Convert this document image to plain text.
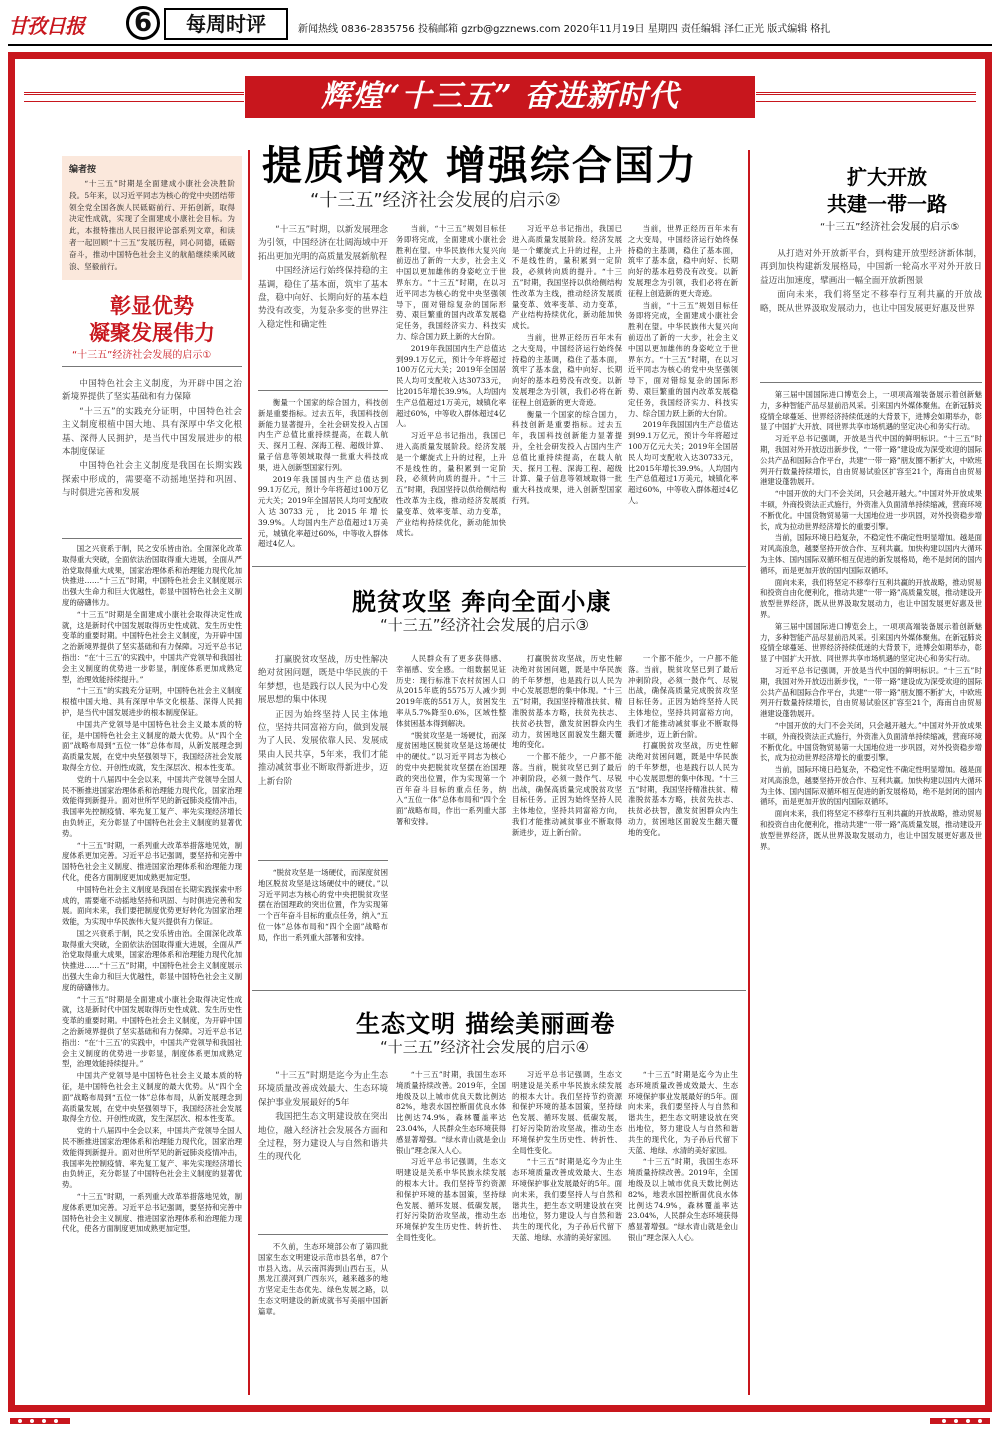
甘孜日报	6	每周时评	新闻热线 0836-2835756 投稿邮箱 gzrb@gzznews.com 2020年11月19日 星期四 责任编辑 泽仁正光 版式编辑 格扎
辉煌“十三五” 奋进新时代
编者按
“十三五”时期是全面建成小康社会决胜阶段。5年来，以习近平同志为核心的党中央团结带领全党全国各族人民砥砺前行、开拓创新，取得决定性成就，实现了全面建成小康社会目标。为此，本报特推出人民日报评论部系列文章，和读者一起回顾“十三五”发展历程，同心同德，砥砺奋斗，推动中国特色社会主义的航船继续乘风破浪、坚毅前行。
彰显优势
凝聚发展伟力
“十三五”经济社会发展的启示①

中国特色社会主义制度，为开辟中国之治新境界提供了坚实基础和有力保障

“十三五”的实践充分证明，中国特色社会主义制度根植中国大地、具有深厚中华文化根基、深得人民拥护，是当代中国发展进步的根本制度保证

中国特色社会主义制度是我国在长期实践探索中形成的，需要毫不动摇地坚持和巩固、与时俱进完善和发展

国之兴衰系于制，民之安乐皆由治。全面深化改革取得重大突破，全面依法治国取得重大进展，全面从严治党取得重大成果，国家治理体系和治理能力现代化加快推进……“十三五”时期，中国特色社会主义制度展示出强大生命力和巨大优越性，彰显中国特色社会主义制度的磅礴伟力。

“十三五”时期是全面建成小康社会取得决定性成就，这是新时代中国发展取得历史性成就、发生历史性变革的重要时期。中国特色社会主义制度，为开辟中国之治新境界提供了坚实基础和有力保障。习近平总书记指出：“在‘十三五’的实践中，中国共产党领导和我国社会主义制度的优势进一步彰显，制度体系更加成熟定型，治理效能持续提升。”

“十三五”的实践充分证明，中国特色社会主义制度根植中国大地、具有深厚中华文化根基、深得人民拥护，是当代中国发展进步的根本制度保证。

中国共产党领导是中国特色社会主义最本质的特征，是中国特色社会主义制度的最大优势。从“四个全面”战略布局到“五位一体”总体布局，从新发展理念到高质量发展，在党中央坚强领导下，我国经济社会发展取得全方位、开创性成就，发生深层次、根本性变革。

党的十八届四中全会以来，中国共产党领导全国人民不断推进国家治理体系和治理能力现代化，国家治理效能得到新提升。面对世所罕见的新冠肺炎疫情冲击，我国率先控制疫情、率先复工复产、率先实现经济增长由负转正，充分彰显了中国特色社会主义制度的显著优势。

“十三五”时期，一系列重大改革举措落地见效，制度体系更加完善。习近平总书记强调，要坚持和完善中国特色社会主义制度、推进国家治理体系和治理能力现代化，使各方面制度更加成熟更加定型。

中国特色社会主义制度是我国在长期实践探索中形成的，需要毫不动摇地坚持和巩固、与时俱进完善和发展。面向未来，我们要把制度优势更好转化为国家治理效能，为实现中华民族伟大复兴提供有力保证。

国之兴衰系于制，民之安乐皆由治。全面深化改革取得重大突破，全面依法治国取得重大进展，全面从严治党取得重大成果，国家治理体系和治理能力现代化加快推进……“十三五”时期，中国特色社会主义制度展示出强大生命力和巨大优越性，彰显中国特色社会主义制度的磅礴伟力。

“十三五”时期是全面建成小康社会取得决定性成就，这是新时代中国发展取得历史性成就、发生历史性变革的重要时期。中国特色社会主义制度，为开辟中国之治新境界提供了坚实基础和有力保障。习近平总书记指出：“在‘十三五’的实践中，中国共产党领导和我国社会主义制度的优势进一步彰显，制度体系更加成熟定型，治理效能持续提升。”

中国共产党领导是中国特色社会主义最本质的特征，是中国特色社会主义制度的最大优势。从“四个全面”战略布局到“五位一体”总体布局，从新发展理念到高质量发展，在党中央坚强领导下，我国经济社会发展取得全方位、开创性成就，发生深层次、根本性变革。

党的十八届四中全会以来，中国共产党领导全国人民不断推进国家治理体系和治理能力现代化，国家治理效能得到新提升。面对世所罕见的新冠肺炎疫情冲击，我国率先控制疫情、率先复工复产、率先实现经济增长由负转正，充分彰显了中国特色社会主义制度的显著优势。

“十三五”时期，一系列重大改革举措落地见效，制度体系更加完善。习近平总书记强调，要坚持和完善中国特色社会主义制度、推进国家治理体系和治理能力现代化，使各方面制度更加成熟更加定型。

提质增效 增强综合国力
“十三五”经济社会发展的启示②

“十三五”时期，以新发展理念为引领，中国经济在壮阔海域中开拓出更加光明的高质量发展新航程

中国经济运行始终保持稳的主基调，稳住了基本面，筑牢了基本盘，稳中向好、长期向好的基本趋势没有改变，为复杂多变的世界注入稳定性和确定性

衡量一个国家的综合国力，科技创新是重要指标。过去五年，我国科技创新能力显著提升，全社会研发投入占国内生产总值比重持续提高，在载人航天、探月工程、深海工程、超级计算、量子信息等领域取得一批重大科技成果，进入创新型国家行列。

2019年我国国内生产总值达到99.1万亿元，预计今年将超过100万亿元大关；2019年全国居民人均可支配收入达30733元，比2015年增长39.9%。人均国内生产总值超过1万美元，城镇化率超过60%，中等收入群体超过4亿人。

当前，“十三五”规划目标任务即将完成，全面建成小康社会胜利在望。中华民族伟大复兴向前迈出了新的一大步，社会主义中国以更加雄伟的身姿屹立于世界东方。“十三五”时期，在以习近平同志为核心的党中央坚强领导下，面对错综复杂的国际形势、艰巨繁重的国内改革发展稳定任务，我国经济实力、科技实力、综合国力跃上新的大台阶。

2019年我国国内生产总值达到99.1万亿元，预计今年将超过100万亿元大关；2019年全国居民人均可支配收入达30733元，比2015年增长39.9%。人均国内生产总值超过1万美元，城镇化率超过60%，中等收入群体超过4亿人。

习近平总书记指出，我国已进入高质量发展阶段。经济发展是一个螺旋式上升的过程，上升不是线性的，量积累到一定阶段，必须转向质的提升。“十三五”时期，我国坚持以供给侧结构性改革为主线，推动经济发展质量变革、效率变革、动力变革，产业结构持续优化，新动能加快成长。

习近平总书记指出，我国已进入高质量发展阶段。经济发展是一个螺旋式上升的过程，上升不是线性的，量积累到一定阶段，必须转向质的提升。“十三五”时期，我国坚持以供给侧结构性改革为主线，推动经济发展质量变革、效率变革、动力变革，产业结构持续优化，新动能加快成长。

当前，世界正经历百年未有之大变局，中国经济运行始终保持稳的主基调，稳住了基本面，筑牢了基本盘，稳中向好、长期向好的基本趋势没有改变。以新发展理念为引领，我们必将在新征程上创造新的更大奇迹。

衡量一个国家的综合国力，科技创新是重要指标。过去五年，我国科技创新能力显著提升，全社会研发投入占国内生产总值比重持续提高，在载人航天、探月工程、深海工程、超级计算、量子信息等领域取得一批重大科技成果，进入创新型国家行列。

当前，世界正经历百年未有之大变局，中国经济运行始终保持稳的主基调，稳住了基本面，筑牢了基本盘，稳中向好、长期向好的基本趋势没有改变。以新发展理念为引领，我们必将在新征程上创造新的更大奇迹。

当前，“十三五”规划目标任务即将完成，全面建成小康社会胜利在望。中华民族伟大复兴向前迈出了新的一大步，社会主义中国以更加雄伟的身姿屹立于世界东方。“十三五”时期，在以习近平同志为核心的党中央坚强领导下，面对错综复杂的国际形势、艰巨繁重的国内改革发展稳定任务，我国经济实力、科技实力、综合国力跃上新的大台阶。

2019年我国国内生产总值达到99.1万亿元，预计今年将超过100万亿元大关；2019年全国居民人均可支配收入达30733元，比2015年增长39.9%。人均国内生产总值超过1万美元，城镇化率超过60%，中等收入群体超过4亿人。

扩大开放
共建一带一路
“十三五”经济社会发展的启示⑤

从打造对外开放新平台，到构建开放型经济新体制，再到加快构建新发展格局，中国新一轮高水平对外开放日益迈出加速度，擘画出一幅全面开放新图景

面向未来，我们将坚定不移奉行互利共赢的开放战略，既从世界汲取发展动力，也让中国发展更好惠及世界

第三届中国国际进口博览会上，一项项高端装备展示着创新魅力，多种智能产品尽显前沿风采。引来国内外媒体聚焦。在新冠肺炎疫情全球蔓延、世界经济持续低迷的大背景下，进博会如期举办，彰显了中国扩大开放、同世界共享市场机遇的坚定决心和务实行动。

习近平总书记强调，开放是当代中国的鲜明标识。“十三五”时期，我国对外开放迈出新步伐，“一带一路”建设成为深受欢迎的国际公共产品和国际合作平台，共建“一带一路”朋友圈不断扩大，中欧班列开行数量持续增长，自由贸易试验区扩容至21个，海南自由贸易港建设蓬勃展开。

“中国开放的大门不会关闭，只会越开越大。”中国对外开放成果丰硕，外商投资法正式施行，外资准入负面清单持续缩减，营商环境不断优化。中国货物贸易第一大国地位进一步巩固，对外投资稳步增长，成为拉动世界经济增长的重要引擎。

当前，国际环境日趋复杂，不稳定性不确定性明显增加。越是面对风高浪急，越要坚持开放合作、互利共赢。加快构建以国内大循环为主体、国内国际双循环相互促进的新发展格局，绝不是封闭的国内循环，而是更加开放的国内国际双循环。

面向未来，我们将坚定不移奉行互利共赢的开放战略，推动贸易和投资自由化便利化，推动共建“一带一路”高质量发展，推动建设开放型世界经济，既从世界汲取发展动力，也让中国发展更好惠及世界。

第三届中国国际进口博览会上，一项项高端装备展示着创新魅力，多种智能产品尽显前沿风采。引来国内外媒体聚焦。在新冠肺炎疫情全球蔓延、世界经济持续低迷的大背景下，进博会如期举办，彰显了中国扩大开放、同世界共享市场机遇的坚定决心和务实行动。

习近平总书记强调，开放是当代中国的鲜明标识。“十三五”时期，我国对外开放迈出新步伐，“一带一路”建设成为深受欢迎的国际公共产品和国际合作平台，共建“一带一路”朋友圈不断扩大，中欧班列开行数量持续增长，自由贸易试验区扩容至21个，海南自由贸易港建设蓬勃展开。

“中国开放的大门不会关闭，只会越开越大。”中国对外开放成果丰硕，外商投资法正式施行，外资准入负面清单持续缩减，营商环境不断优化。中国货物贸易第一大国地位进一步巩固，对外投资稳步增长，成为拉动世界经济增长的重要引擎。

当前，国际环境日趋复杂，不稳定性不确定性明显增加。越是面对风高浪急，越要坚持开放合作、互利共赢。加快构建以国内大循环为主体、国内国际双循环相互促进的新发展格局，绝不是封闭的国内循环，而是更加开放的国内国际双循环。

面向未来，我们将坚定不移奉行互利共赢的开放战略，推动贸易和投资自由化便利化，推动共建“一带一路”高质量发展，推动建设开放型世界经济，既从世界汲取发展动力，也让中国发展更好惠及世界。

脱贫攻坚 奔向全面小康
“十三五”经济社会发展的启示③

打赢脱贫攻坚战，历史性解决绝对贫困问题，既是中华民族的千年梦想，也是践行以人民为中心发展思想的集中体现

正因为始终坚持人民主体地位，坚持共同富裕方向，做到发展为了人民、发展依靠人民、发展成果由人民共享，5年来，我们才能推动减贫事业不断取得新进步，迈上新台阶

“脱贫攻坚是一场硬仗，而深度贫困地区脱贫攻坚是这场硬仗中的硬仗。”以习近平同志为核心的党中央把脱贫攻坚摆在治国理政的突出位置，作为实现第一个百年奋斗目标的重点任务，纳入“五位一体”总体布局和“四个全面”战略布局，作出一系列重大部署和安排。

人民群众有了更多获得感、幸福感、安全感。一组数据见证历史：现行标准下农村贫困人口从2015年底的5575万人减少到2019年底的551万人，贫困发生率从5.7%降至0.6%，区域性整体贫困基本得到解决。

“脱贫攻坚是一场硬仗，而深度贫困地区脱贫攻坚是这场硬仗中的硬仗。”以习近平同志为核心的党中央把脱贫攻坚摆在治国理政的突出位置，作为实现第一个百年奋斗目标的重点任务，纳入“五位一体”总体布局和“四个全面”战略布局，作出一系列重大部署和安排。

打赢脱贫攻坚战，历史性解决绝对贫困问题，既是中华民族的千年梦想，也是践行以人民为中心发展思想的集中体现。“十三五”时期，我国坚持精准扶贫、精准脱贫基本方略，扶贫先扶志、扶贫必扶智，激发贫困群众内生动力，贫困地区面貌发生翻天覆地的变化。

一个都不能少，一户都不能落。当前，脱贫攻坚已到了最后冲刺阶段，必须一鼓作气、尽锐出战，确保高质量完成脱贫攻坚目标任务。正因为始终坚持人民主体地位，坚持共同富裕方向，我们才能推动减贫事业不断取得新进步，迈上新台阶。

一个都不能少，一户都不能落。当前，脱贫攻坚已到了最后冲刺阶段，必须一鼓作气、尽锐出战，确保高质量完成脱贫攻坚目标任务。正因为始终坚持人民主体地位，坚持共同富裕方向，我们才能推动减贫事业不断取得新进步，迈上新台阶。

打赢脱贫攻坚战，历史性解决绝对贫困问题，既是中华民族的千年梦想，也是践行以人民为中心发展思想的集中体现。“十三五”时期，我国坚持精准扶贫、精准脱贫基本方略，扶贫先扶志、扶贫必扶智，激发贫困群众内生动力，贫困地区面貌发生翻天覆地的变化。

生态文明 描绘美丽画卷
“十三五”经济社会发展的启示④

“十三五”时期是迄今为止生态环境质量改善成效最大、生态环境保护事业发展最好的5年

我国把生态文明建设放在突出地位，融入经济社会发展各方面和全过程，努力建设人与自然和谐共生的现代化

不久前，生态环境部公布了第四批国家生态文明建设示范市县名单，87个市县入选。从云南洱海到山西右玉，从黑龙江漠河到广西东兴，越来越多的地方坚定走生态优先、绿色发展之路，以生态文明建设的新成就书写美丽中国新篇章。

“十三五”时期，我国生态环境质量持续改善。2019年，全国地级及以上城市优良天数比例达82%，地表水国控断面优良水体比例达74.9%，森林覆盖率达23.04%，人民群众生态环境获得感显著增强。“绿水青山就是金山银山”理念深入人心。

习近平总书记强调，生态文明建设是关系中华民族永续发展的根本大计。我们坚持节约资源和保护环境的基本国策，坚持绿色发展、循环发展、低碳发展，打好污染防治攻坚战，推动生态环境保护发生历史性、转折性、全局性变化。

习近平总书记强调，生态文明建设是关系中华民族永续发展的根本大计。我们坚持节约资源和保护环境的基本国策，坚持绿色发展、循环发展、低碳发展，打好污染防治攻坚战，推动生态环境保护发生历史性、转折性、全局性变化。

“十三五”时期是迄今为止生态环境质量改善成效最大、生态环境保护事业发展最好的5年。面向未来，我们要坚持人与自然和谐共生，把生态文明建设放在突出地位，努力建设人与自然和谐共生的现代化，为子孙后代留下天蓝、地绿、水清的美好家园。

“十三五”时期是迄今为止生态环境质量改善成效最大、生态环境保护事业发展最好的5年。面向未来，我们要坚持人与自然和谐共生，把生态文明建设放在突出地位，努力建设人与自然和谐共生的现代化，为子孙后代留下天蓝、地绿、水清的美好家园。

“十三五”时期，我国生态环境质量持续改善。2019年，全国地级及以上城市优良天数比例达82%，地表水国控断面优良水体比例达74.9%，森林覆盖率达23.04%，人民群众生态环境获得感显著增强。“绿水青山就是金山银山”理念深入人心。
